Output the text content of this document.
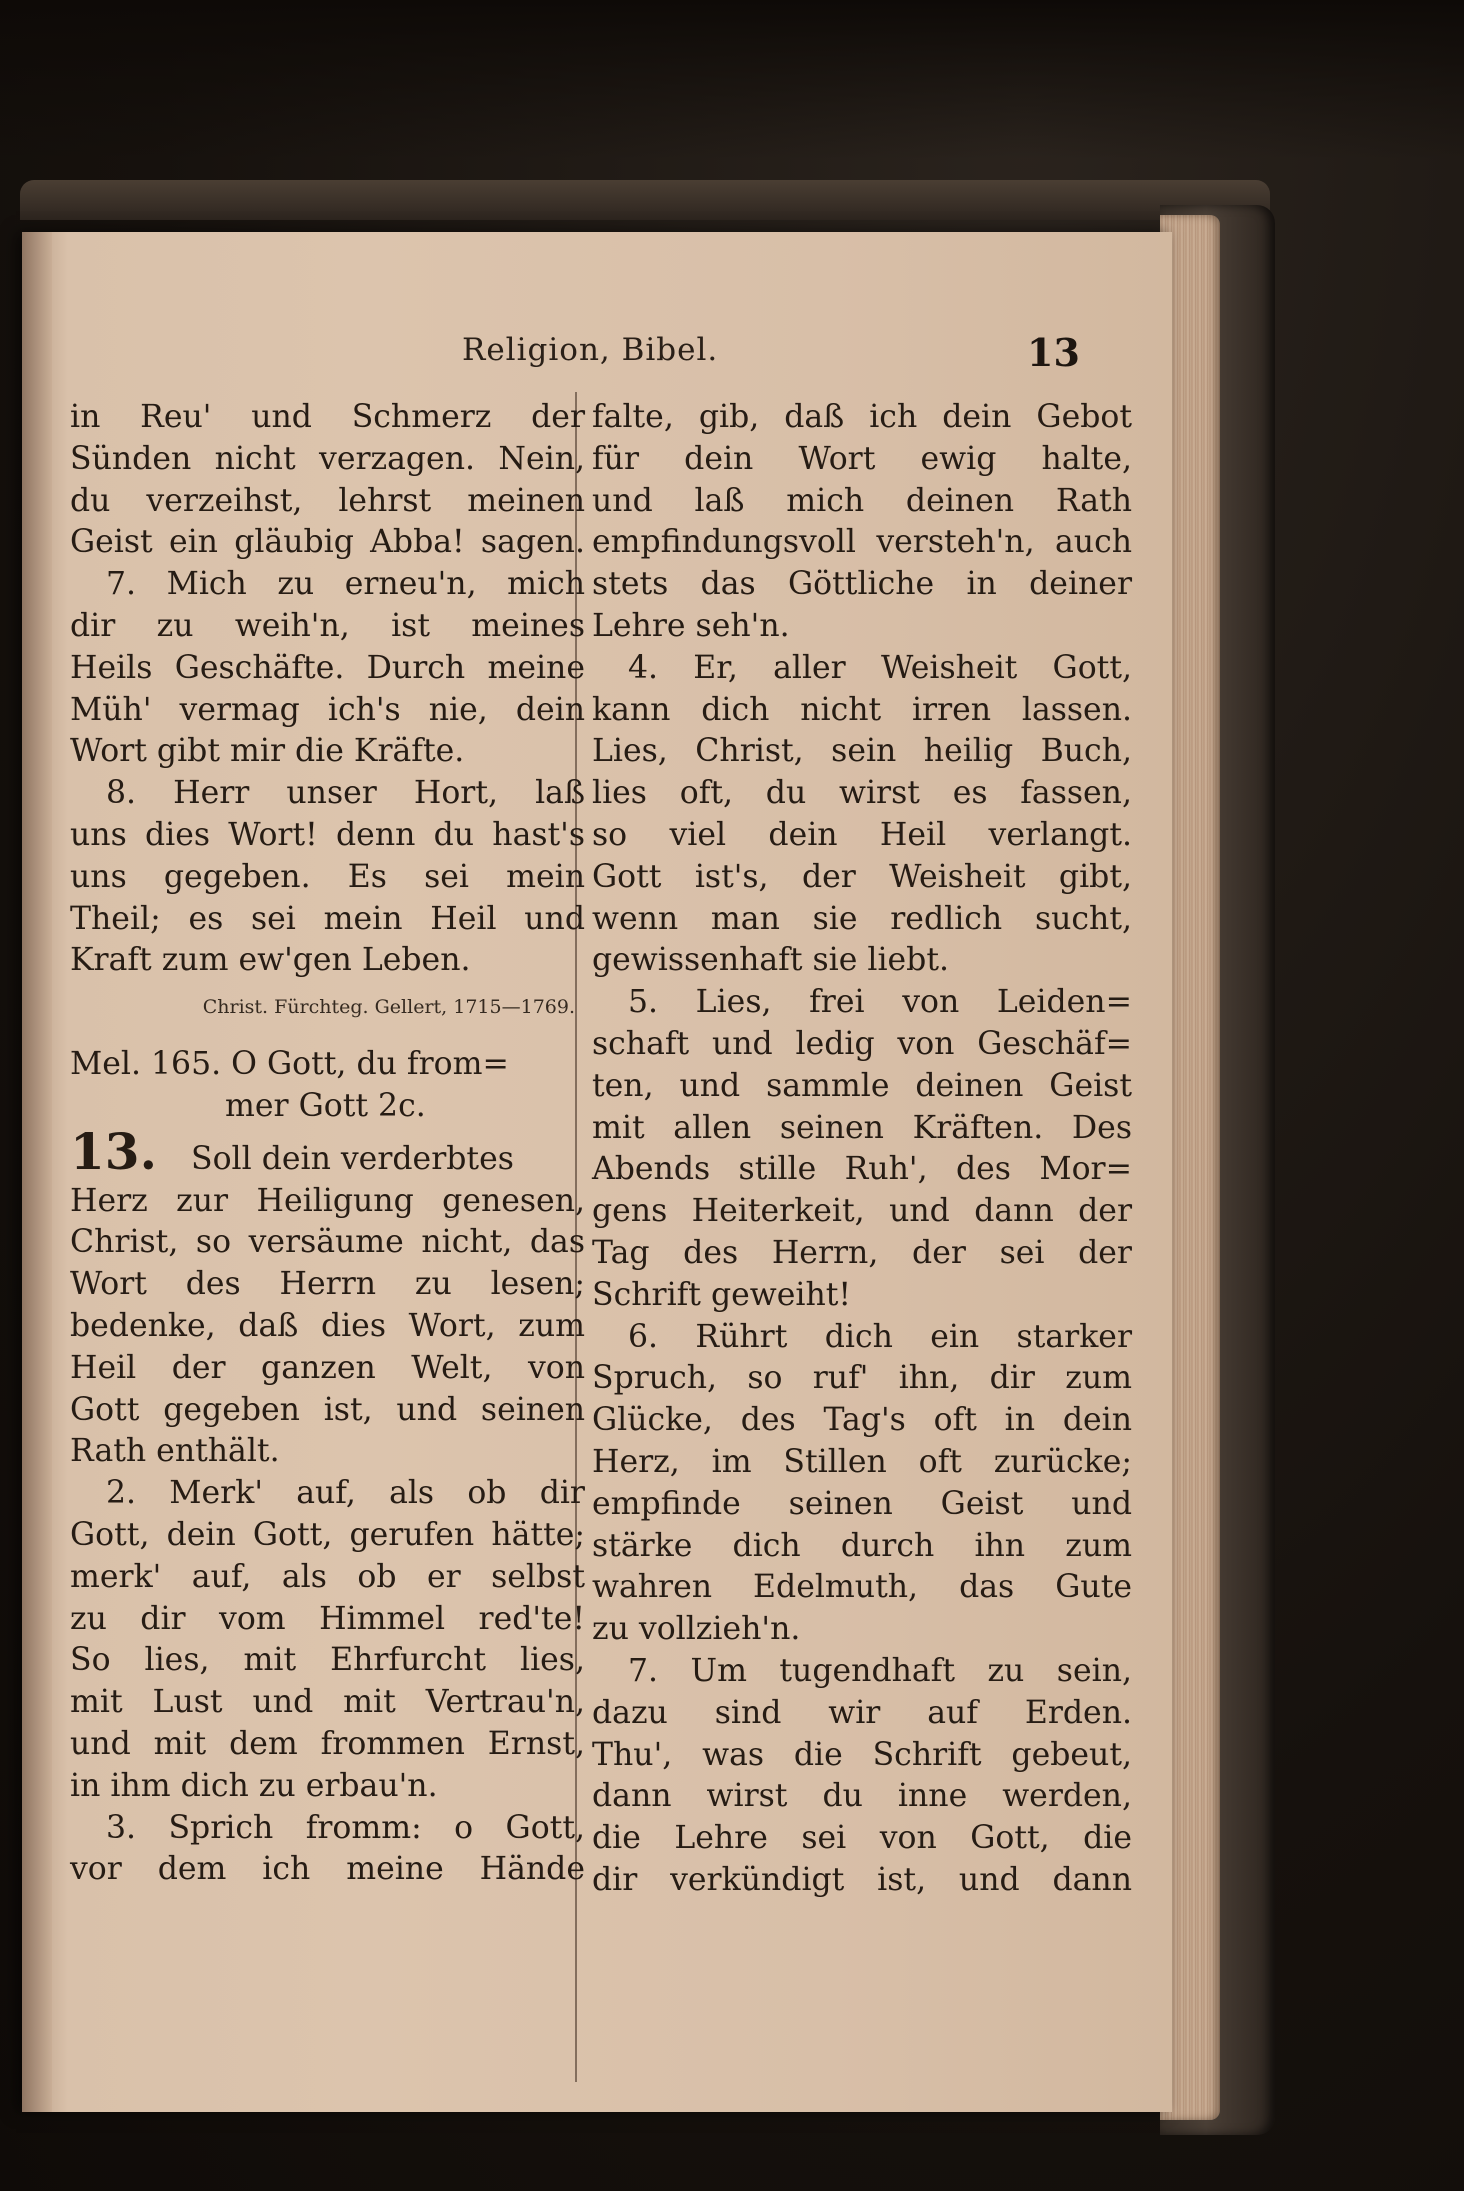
Religion, Bibel.	13
in Reu' und Schmerz der
Sünden nicht verzagen. Nein,
du verzeihst, lehrst meinen
Geist ein gläubig Abba! sagen.
7. Mich zu erneu'n, mich
dir zu weih'n, ist meines
Heils Geschäfte. Durch meine
Müh' vermag ich's nie, dein
Wort gibt mir die Kräfte.
8. Herr unser Hort, laß
uns dies Wort! denn du hast's
uns gegeben. Es sei mein
Theil; es sei mein Heil und
Kraft zum ew'gen Leben.
Christ. Fürchteg. Gellert, 1715—1769.
Mel. 165. O Gott, du from=
mer Gott 2c.
13. Soll dein verderbtes
Herz zur Heiligung genesen,
Christ, so versäume nicht, das
Wort des Herrn zu lesen;
bedenke, daß dies Wort, zum
Heil der ganzen Welt, von
Gott gegeben ist, und seinen
Rath enthält.
2. Merk' auf, als ob dir
Gott, dein Gott, gerufen hätte;
merk' auf, als ob er selbst
zu dir vom Himmel red'te!
So lies, mit Ehrfurcht lies,
mit Lust und mit Vertrau'n,
und mit dem frommen Ernst,
in ihm dich zu erbau'n.
3. Sprich fromm: o Gott,
vor dem ich meine Hände
falte, gib, daß ich dein Gebot
für dein Wort ewig halte,
und laß mich deinen Rath
empfindungsvoll versteh'n, auch
stets das Göttliche in deiner
Lehre seh'n.
4. Er, aller Weisheit Gott,
kann dich nicht irren lassen.
Lies, Christ, sein heilig Buch,
lies oft, du wirst es fassen,
so viel dein Heil verlangt.
Gott ist's, der Weisheit gibt,
wenn man sie redlich sucht,
gewissenhaft sie liebt.
5. Lies, frei von Leiden=
schaft und ledig von Geschäf=
ten, und sammle deinen Geist
mit allen seinen Kräften. Des
Abends stille Ruh', des Mor=
gens Heiterkeit, und dann der
Tag des Herrn, der sei der
Schrift geweiht!
6. Rührt dich ein starker
Spruch, so ruf' ihn, dir zum
Glücke, des Tag's oft in dein
Herz, im Stillen oft zurücke;
empfinde seinen Geist und
stärke dich durch ihn zum
wahren Edelmuth, das Gute
zu vollzieh'n.
7. Um tugendhaft zu sein,
dazu sind wir auf Erden.
Thu', was die Schrift gebeut,
dann wirst du inne werden,
die Lehre sei von Gott, die
dir verkündigt ist, und dann
